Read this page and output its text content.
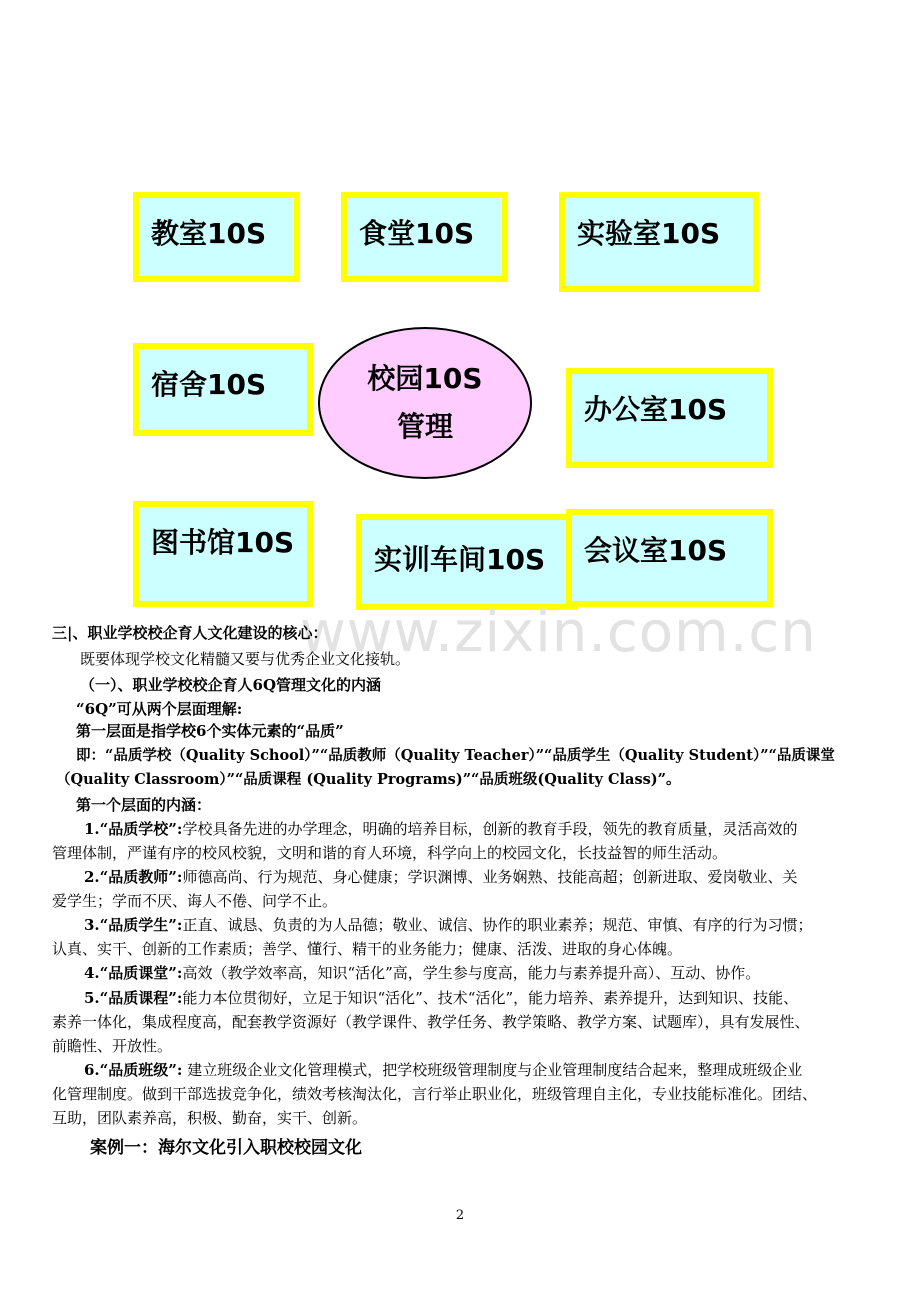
教室10S	食堂10S	实验室10S
宿舍10S
办公室10S
图书馆10S
实训车间10S 会议室10S
校园10S
管理
www.zixin.com.cn
三|、职业学校校企育人文化建设的核心：
既要体现学校文化精髓又要与优秀企业文化接轨。
（一）、职业学校校企育人6Q管理文化的内涵
“6Q”可从两个层面理解:
第一层面是指学校6个实体元素的“品质”
即：“品质学校（Quality School）”“品质教师（Quality Teacher）”“品质学生（Quality Student）”“品质课堂
（Quality Classroom）”“品质课程 (Quality Programs)”“品质班级(Quality Class)”。
第一个层面的内涵：
1.“品质学校”:学校具备先进的办学理念，明确的培养目标，创新的教育手段，领先的教育质量，灵活高效的
管理体制，严谨有序的校风校貌，文明和谐的育人环境，科学向上的校园文化，长技益智的师生活动。
2.“品质教师”:师德高尚、行为规范、身心健康；学识渊博、业务娴熟、技能高超；创新进取、爱岗敬业、关
爱学生；学而不厌、诲人不倦、问学不止。
3.“品质学生”:正直、诚恳、负责的为人品德；敬业、诚信、协作的职业素养；规范、审慎、有序的行为习惯；
认真、实干、创新的工作素质；善学、懂行、精干的业务能力；健康、活泼、进取的身心体魄。
4.“品质课堂”:高效（教学效率高，知识“活化”高，学生参与度高，能力与素养提升高）、互动、协作。
5.“品质课程”:能力本位贯彻好，立足于知识“活化”、技术“活化”，能力培养、素养提升，达到知识、技能、
素养一体化，集成程度高，配套教学资源好（教学课件、教学任务、教学策略、教学方案、试题库），具有发展性、
前瞻性、开放性。
6.“品质班级”: 建立班级企业文化管理模式，把学校班级管理制度与企业管理制度结合起来，整理成班级企业
化管理制度。做到干部选拔竞争化，绩效考核淘汰化，言行举止职业化，班级管理自主化，专业技能标准化。团结、
互助，团队素养高，积极、勤奋，实干、创新。
案例一：海尔文化引入职校校园文化
2
